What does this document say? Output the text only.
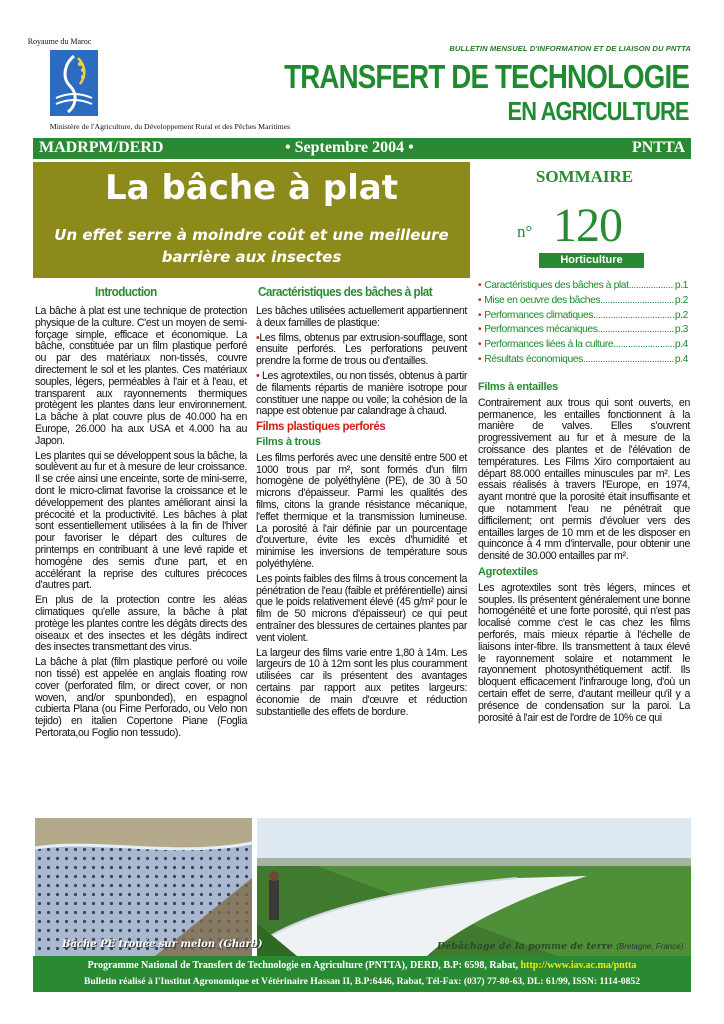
Royaume du Maroc
Ministère de l'Agriculture, du Développement Rural et des Pêches Maritimes
BULLETIN MENSUEL D'INFORMATION ET DE LIAISON DU PNTTA
TRANSFERT DE TECHNOLOGIE
EN AGRICULTURE
MADRPM/DERD	• Septembre 2004 •	PNTTA
La bâche à plat
Un effet serre à moindre coût et une meilleure
barrière aux insectes
SOMMAIRE
n° 120
Horticulture
• Caractéristiques des bâches à plat .....	p.1
• Mise en oeuvre des bâches .....	p.2
• Performances climatiques .....	p.2
• Performances mécaniques .....	p.3
• Performances liées à la culture .....	p.4
• Résultats économiques .....	p.4
Introduction

La bâche à plat est une technique de protection physique de la culture. C'est un moyen de semi-forçage simple, efficace et économique. La bâche, constituée par un film plastique perforé ou par des matériaux non-tissés, couvre directement le sol et les plantes. Ces matériaux souples, légers, perméables à l'air et à l'eau, et transparent aux rayonnements thermiques protègent les plantes dans leur environnement. La bâche à plat couvre plus de 40.000 ha en Europe, 26.000 ha aux USA et 4.000 ha au Japon.

Les plantes qui se développent sous la bâche, la soulèvent au fur et à mesure de leur croissance. Il se crée ainsi une enceinte, sorte de mini-serre, dont le micro-climat favorise la croissance et le développement des plantes améliorant ainsi la précocité et la productivité. Les bâches à plat sont essentiellement utilisées à la fin de l'hiver pour favoriser le départ des cultures de printemps en contribuant à une levé rapide et homogène des semis d'une part, et en accélérant la reprise des cultures précoces d'autres part.

En plus de la protection contre les aléas climatiques qu'elle assure, la bâche à plat protège les plantes contre les dégâts directs des oiseaux et des insectes et les dégâts indirect des insectes transmettant des virus.

La bâche à plat (film plastique perforé ou voile non tissé) est appelée en anglais floating row cover (perforated film, or direct cover, or non woven, and/or spunbonded), en espagnol cubierta Plana (ou Fime Perforado, ou Velo non tejido) en italien Copertone Piane (Foglia Pertorata,ou Foglio non tessudo).

Caractéristiques des bâches à plat

Les bâches utilisées actuellement appartiennent à deux familles de plastique:

•Les films, obtenus par extrusion-soufflage, sont ensuite perforés. Les perforations peuvent prendre la forme de trous ou d'entailles.

• Les agrotextiles, ou non tissés, obtenus à partir de filaments répartis de manière isotrope pour constituer une nappe ou voile; la cohésion de la nappe est obtenue par calandrage à chaud.

Films plastiques perforés
Films à trous

Les films perforés avec une densité entre 500 et 1000 trous par m², sont formés d'un film homogène de polyéthylène (PE), de 30 à 50 microns d'épaisseur. Parmi les qualités des films, citons la grande résistance mécanique, l'effet thermique et la transmission lumineuse. La porosité à l'air définie par un pourcentage d'ouverture, évite les excès d'humidité et minimise les inversions de température sous polyéthylène.

Les points faibles des films à trous concernent la pénétration de l'eau (faible et préférentielle) ainsi que le poids relativement élevé (45 g/m² pour le film de 50 microns d'épaisseur) ce qui peut entraîner des blessures de certaines plantes par vent violent.

La largeur des films varie entre 1,80 à 14m. Les largeurs de 10 à 12m sont les plus couramment utilisées car ils présentent des avantages certains par rapport aux petites largeurs: économie de main d'œuvre et réduction substantielle des effets de bordure.

Films à entailles

Contrairement aux trous qui sont ouverts, en permanence, les entailles fonctionnent à la manière de valves. Elles s'ouvrent progressivement au fur et à mesure de la croissance des plantes et de l'élévation de températures. Les Films Xiro comportaient au départ 88.000 entailles minuscules par m². Les essais réalisés à travers l'Europe, en 1974, ayant montré que la porosité était insuffisante et que notamment l'eau ne pénétrait que difficilement; ont permis d'évoluer vers des entailles larges de 10 mm et de les disposer en quinconce à 4 mm d'intervalle, pour obtenir une densité de 30.000 entailles par m².

Agrotextiles

Les agrotextiles sont très légers, minces et souples. Ils présentent généralement une bonne homogénéité et une forte porosité, qui n'est pas localisé comme c'est le cas chez les films perforés, mais mieux répartie à l'échelle de liaisons inter-fibre. Ils transmettent à taux élevé le rayonnement solaire et notamment le rayonnement photosynthétiquement actif. Ils bloquent efficacement l'infrarouge long, d'où un certain effet de serre, d'autant meilleur qu'il y a présence de condensation sur la paroi. La porosité à l'air est de l'ordre de 10% ce qui

Bâche PE trouée sur melon (Gharb)	Débâchage de la pomme de terre (Bretagne, France)
Programme National de Transfert de Technologie en Agriculture (PNTTA), DERD, B.P: 6598, Rabat, http://www.iav.ac.ma/pntta
Bulletin réalisé à l'Institut Agronomique et Vétérinaire Hassan II, B.P:6446, Rabat, Tél-Fax: (037) 77-80-63, DL: 61/99, ISSN: 1114-0852
